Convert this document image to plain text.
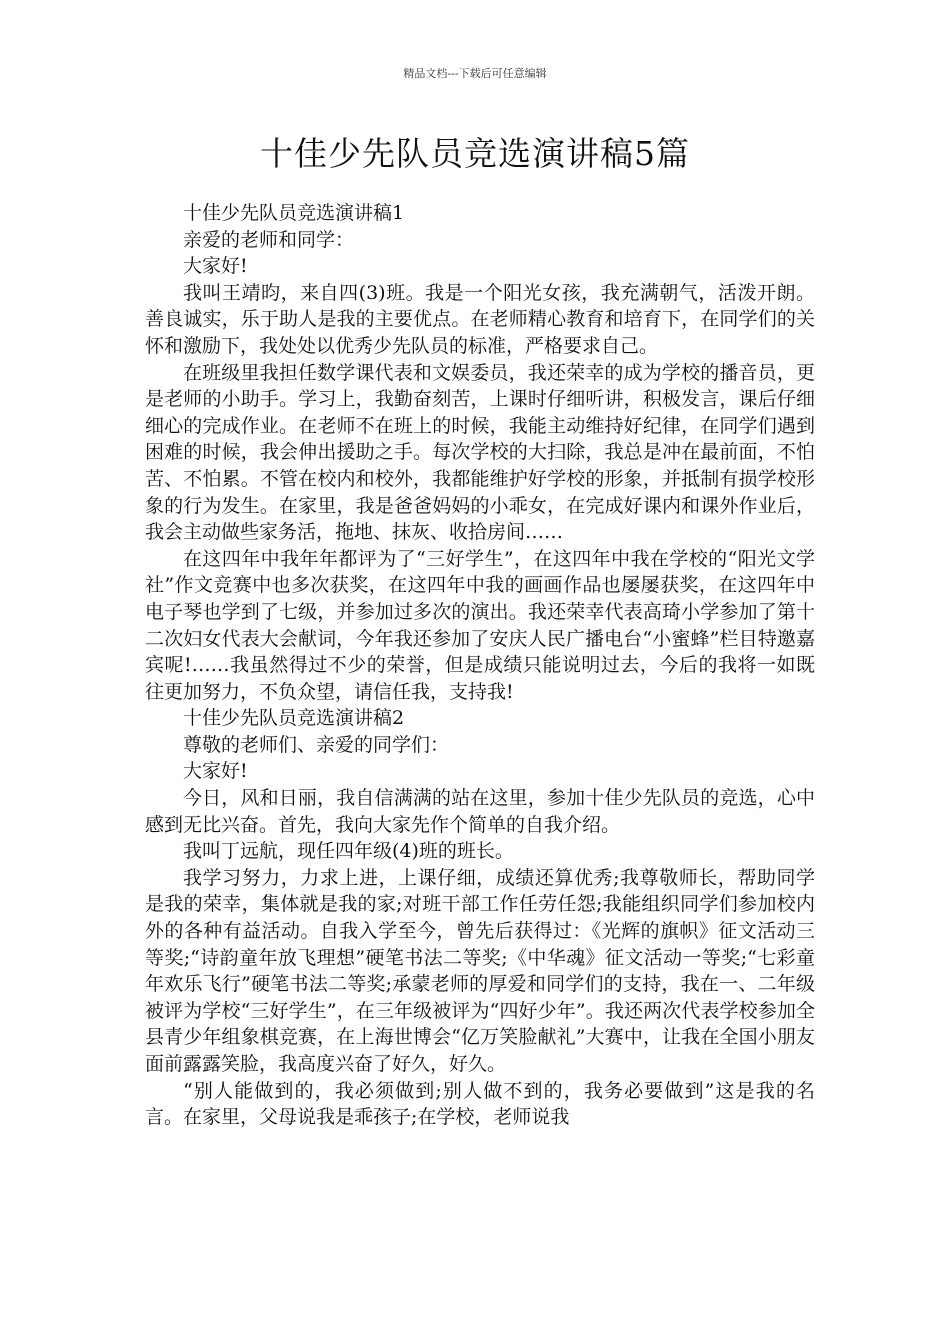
精品文档---下载后可任意编辑
十佳少先队员竞选演讲稿5篇

十佳少先队员竞选演讲稿1

亲爱的老师和同学：

大家好!

我叫王靖昀，来自四(3)班。我是一个阳光女孩，我充满朝气，活泼开朗。善良诚实，乐于助人是我的主要优点。在老师精心教育和培育下，在同学们的关怀和激励下，我处处以优秀少先队员的标准，严格要求自己。

在班级里我担任数学课代表和文娱委员，我还荣幸的成为学校的播音员，更是老师的小助手。学习上，我勤奋刻苦，上课时仔细听讲，积极发言，课后仔细细心的完成作业。在老师不在班上的时候，我能主动维持好纪律，在同学们遇到困难的时候，我会伸出援助之手。每次学校的大扫除，我总是冲在最前面，不怕苦、不怕累。不管在校内和校外，我都能维护好学校的形象，并抵制有损学校形象的行为发生。在家里，我是爸爸妈妈的小乖女，在完成好课内和课外作业后，我会主动做些家务活，拖地、抹灰、收拾房间……

在这四年中我年年都评为了“三好学生”，在这四年中我在学校的“阳光文学社”作文竞赛中也多次获奖，在这四年中我的画画作品也屡屡获奖，在这四年中电子琴也学到了七级，并参加过多次的演出。我还荣幸代表高琦小学参加了第十二次妇女代表大会献词，今年我还参加了安庆人民广播电台“小蜜蜂”栏目特邀嘉宾呢!……我虽然得过不少的荣誉，但是成绩只能说明过去，今后的我将一如既往更加努力，不负众望，请信任我，支持我!

十佳少先队员竞选演讲稿2

尊敬的老师们、亲爱的同学们：

大家好!

今日，风和日丽，我自信满满的站在这里，参加十佳少先队员的竞选，心中感到无比兴奋。首先，我向大家先作个简单的自我介绍。

我叫丁远航，现任四年级(4)班的班长。

我学习努力，力求上进，上课仔细，成绩还算优秀;我尊敬师长，帮助同学是我的荣幸，集体就是我的家;对班干部工作任劳任怨;我能组织同学们参加校内外的各种有益活动。自我入学至今，曾先后获得过：《光辉的旗帜》征文活动三等奖;“诗韵童年放飞理想”硬笔书法二等奖;《中华魂》征文活动一等奖;“七彩童年欢乐飞行”硬笔书法二等奖;承蒙老师的厚爱和同学们的支持，我在一、二年级被评为学校“三好学生”，在三年级被评为“四好少年”。我还两次代表学校参加全县青少年组象棋竞赛，在上海世博会“亿万笑脸献礼”大赛中，让我在全国小朋友面前露露笑脸，我高度兴奋了好久，好久。

“别人能做到的，我必须做到;别人做不到的，我务必要做到”这是我的名言。在家里，父母说我是乖孩子;在学校，老师说我
